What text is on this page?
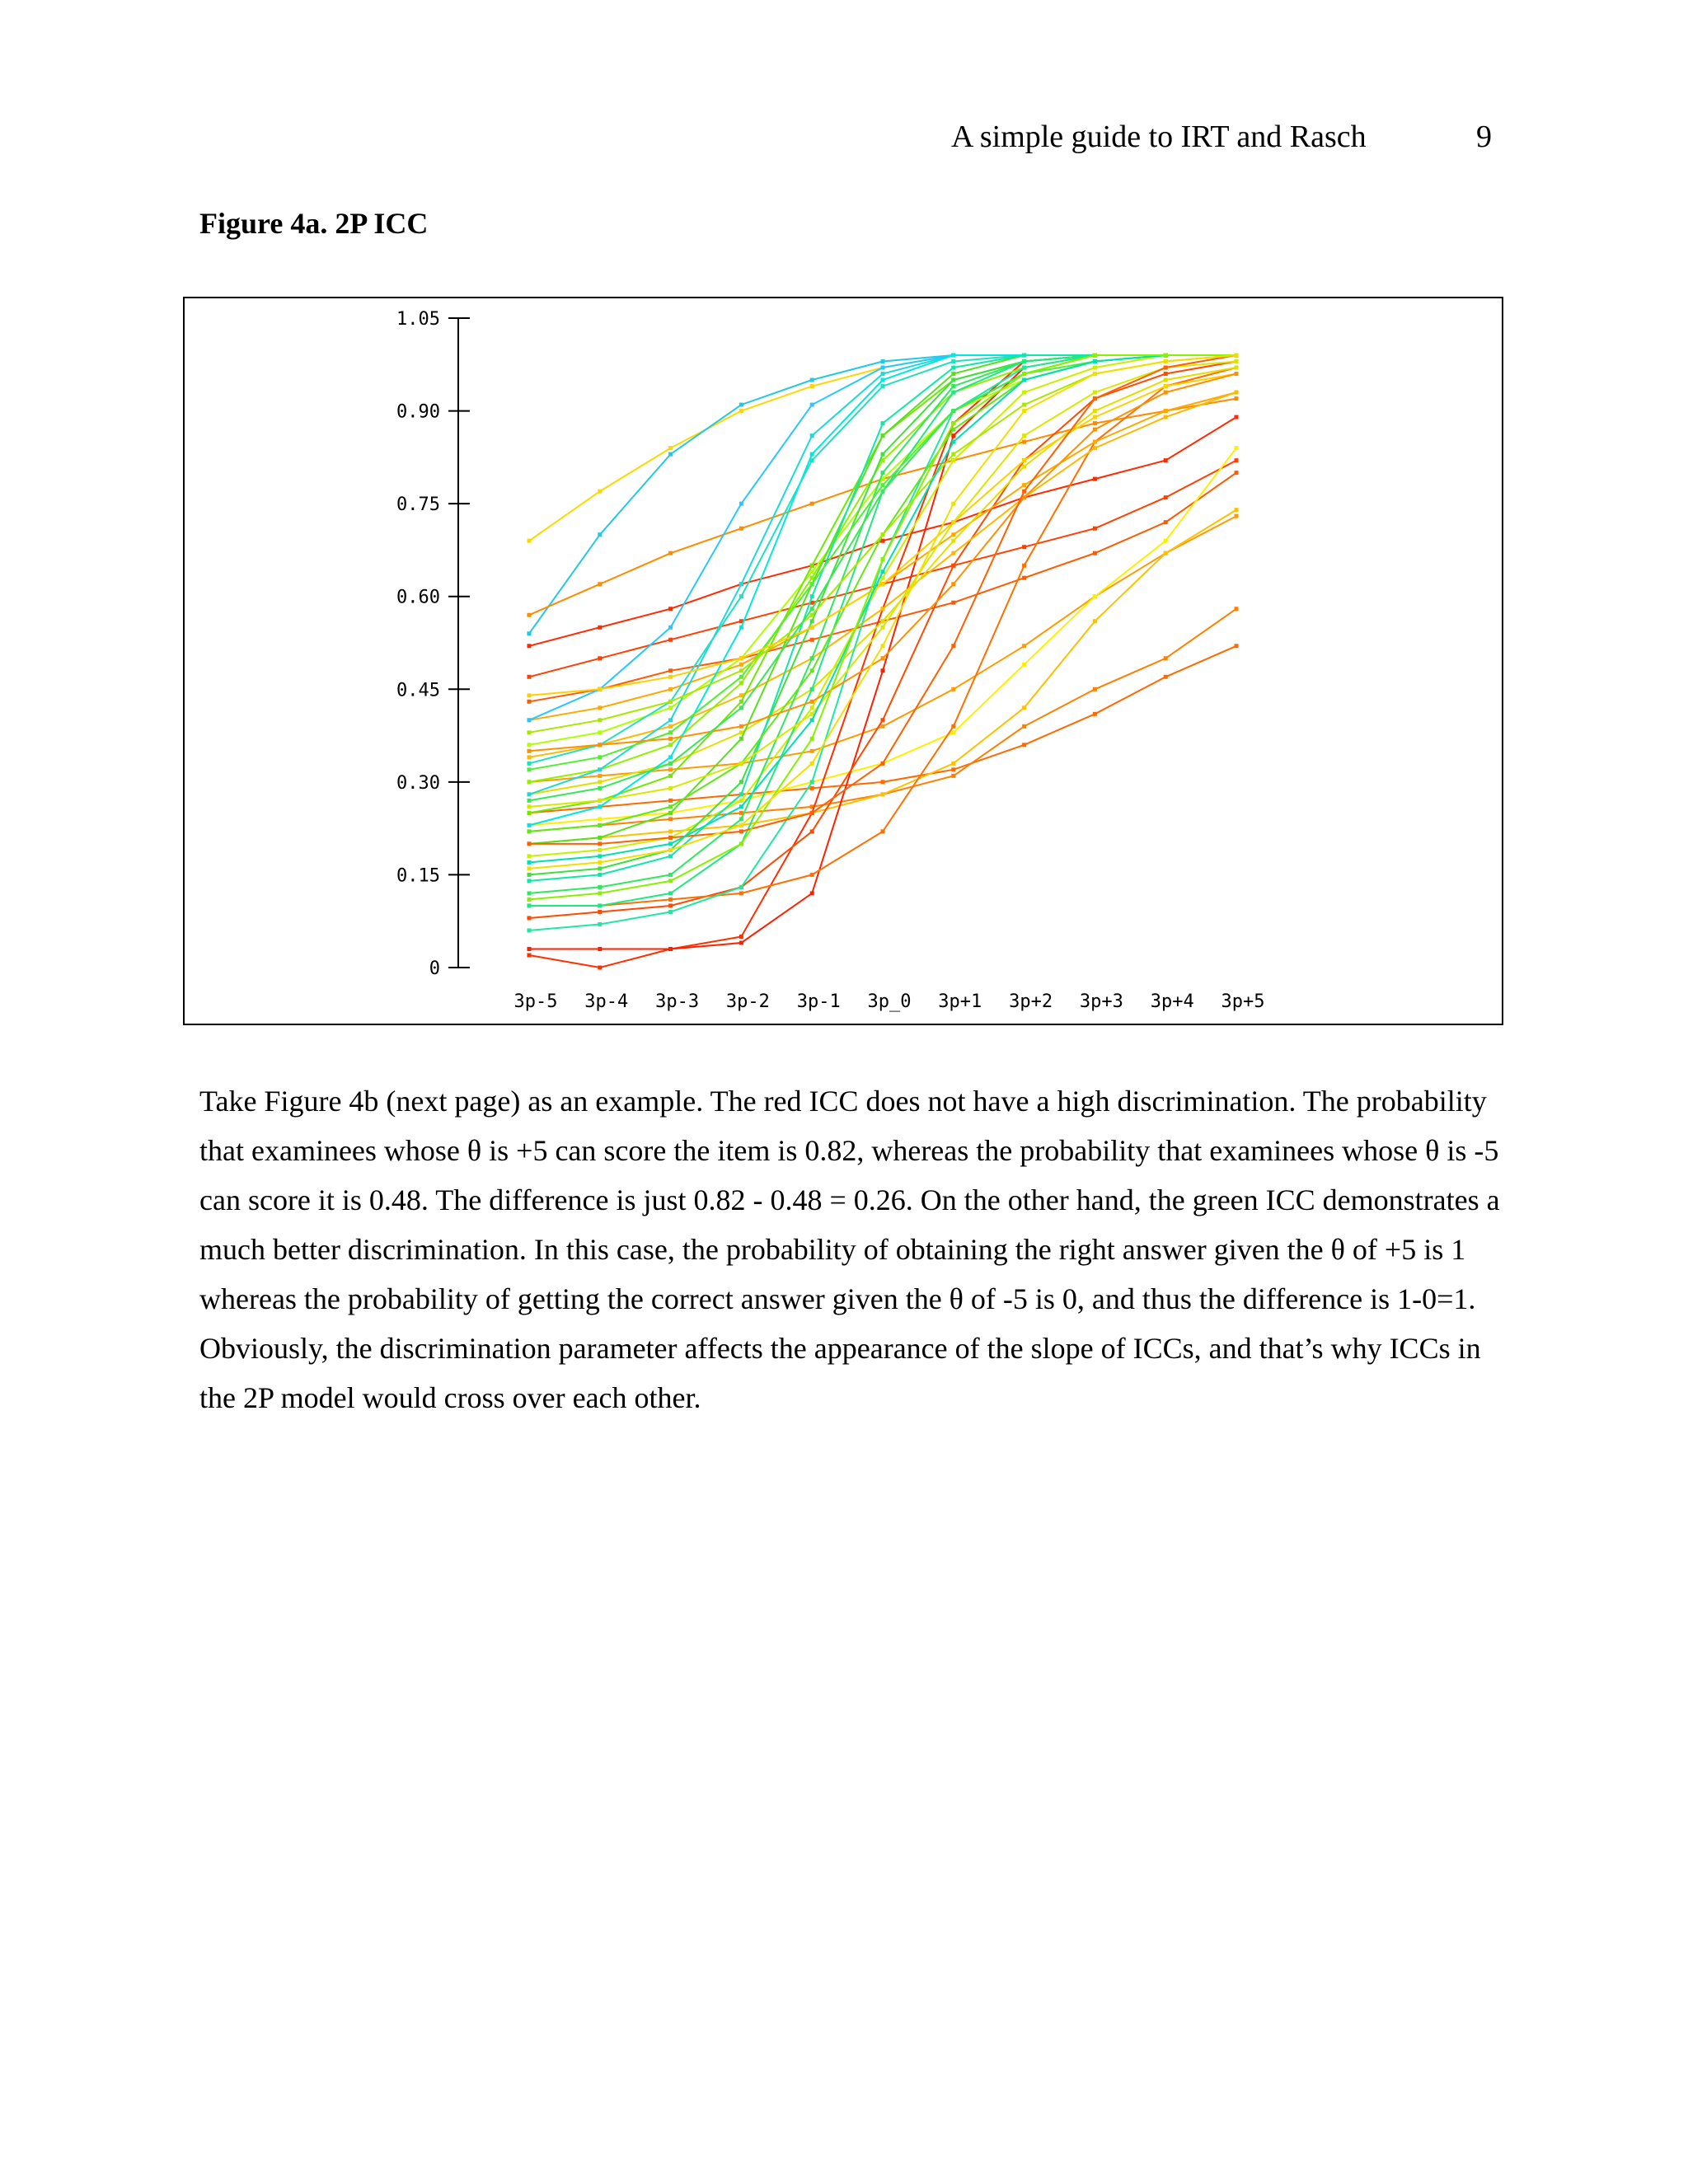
A simple guide to IRT and Rasch	9
Figure 4a. 2P ICC
1.05
0.90
0.75
0.60
0.45
0.30
0.15
0
3p-5 3p-4 3p-3 3p-2 3p-1 3p_0 3p+1 3p+2 3p+3 3p+4 3p+5

Take Figure 4b (next page) as an example. The red ICC does not have a high discrimination. The probability that examinees whose θ is +5 can score the item is 0.82, whereas the probability that examinees whose θ is -5 can score it is 0.48. The difference is just 0.82 - 0.48 = 0.26. On the other hand, the green ICC demonstrates a much better discrimination. In this case, the probability of obtaining the right answer given the θ of +5 is 1 whereas the probability of getting the correct answer given the θ of -5 is 0, and thus the difference is 1-0=1. Obviously, the discrimination parameter affects the appearance of the slope of ICCs, and that’s why ICCs in the 2P model would cross over each other.
